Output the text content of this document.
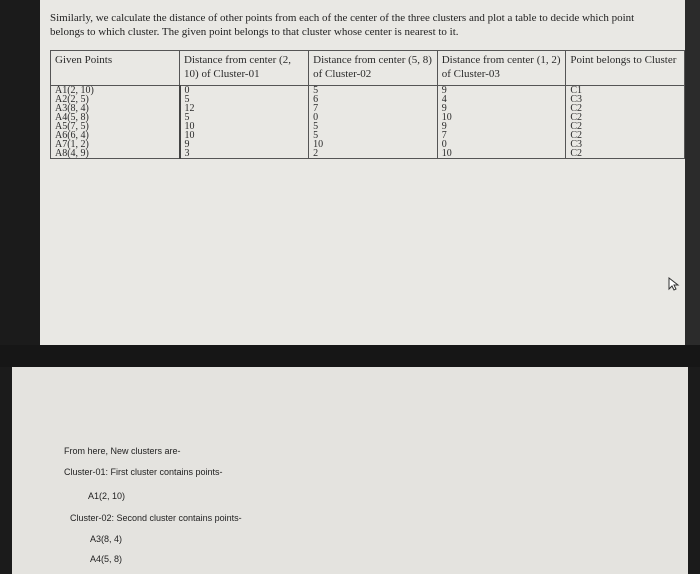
Similarly, we calculate the distance of other points from each of the center of the three clusters and plot a table to decide which point belongs to which cluster. The given point belongs to that cluster whose center is nearest to it.
Given Points	Distance from center (2, 10) of Cluster-01	Distance from center (5, 8) of Cluster-02	Distance from center (1, 2) of Cluster-03	Point belongs to Cluster
A1(2, 10)	0	5	9	C1
A2(2, 5)	5	6	4	C3
A3(8, 4)	12	7	9	C2
A4(5, 8)	5	0	10	C2
A5(7, 5)	10	5	9	C2
A6(6, 4)	10	5	7	C2
A7(1, 2)	9	10	0	C3
A8(4, 9)	3	2	10	C2
From here, New clusters are-
Cluster-01: First cluster contains points-
A1(2, 10)
Cluster-02: Second cluster contains points-
A3(8, 4)
A4(5, 8)
